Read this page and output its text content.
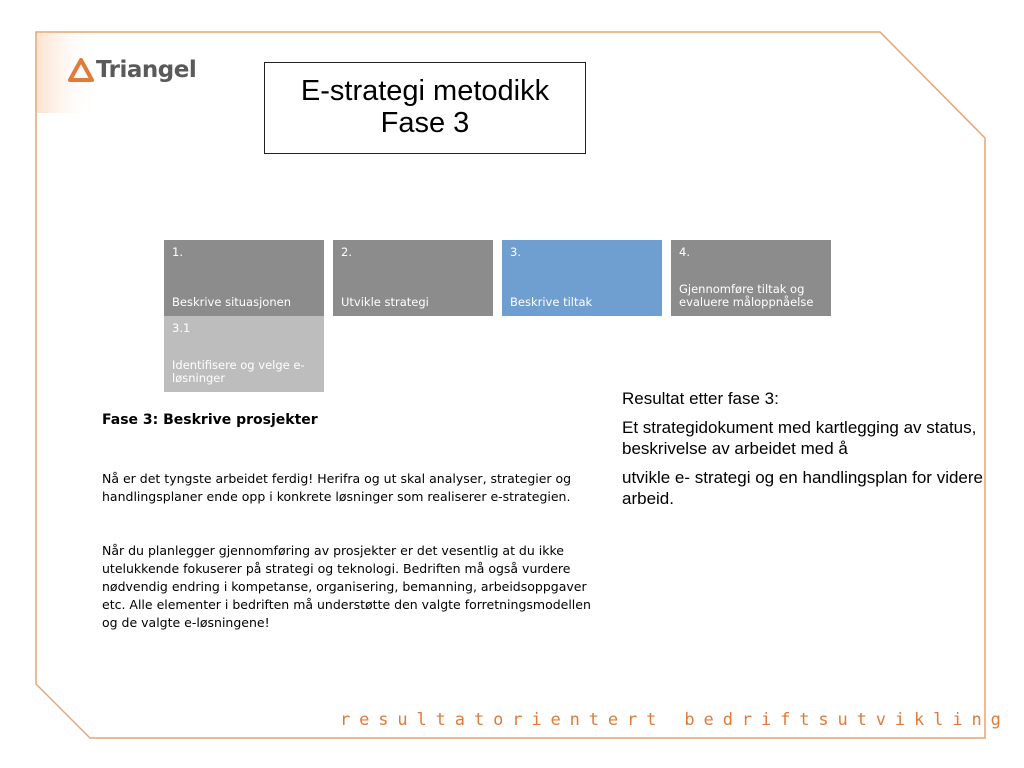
Triangel
E-strategi metodikk
Fase 3
1.
Beskrive situasjonen
2.
Utvikle strategi
3.
Beskrive tiltak
4.
Gjennomføre tiltak og evaluere måloppnåelse
3.1
Identifisere og velge e-løsninger

Resultat etter fase 3:

Et strategidokument med kartlegging av status, beskrivelse av arbeidet med å

utvikle e- strategi og en handlingsplan for videre arbeid.

Fase 3: Beskrive prosjekter

Nå er det tyngste arbeidet ferdig! Herifra og ut skal analyser, strategier og handlingsplaner ende opp i konkrete løsninger som realiserer e-strategien.

Når du planlegger gjennomføring av prosjekter er det vesentlig at du ikke utelukkende fokuserer på strategi og teknologi. Bedriften må også vurdere nødvendig endring i kompetanse, organisering, bemanning, arbeidsoppgaver etc. Alle elementer i bedriften må understøtte den valgte forretningsmodellen og de valgte e-løsningene!

resultatorientert bedriftsutvikling
